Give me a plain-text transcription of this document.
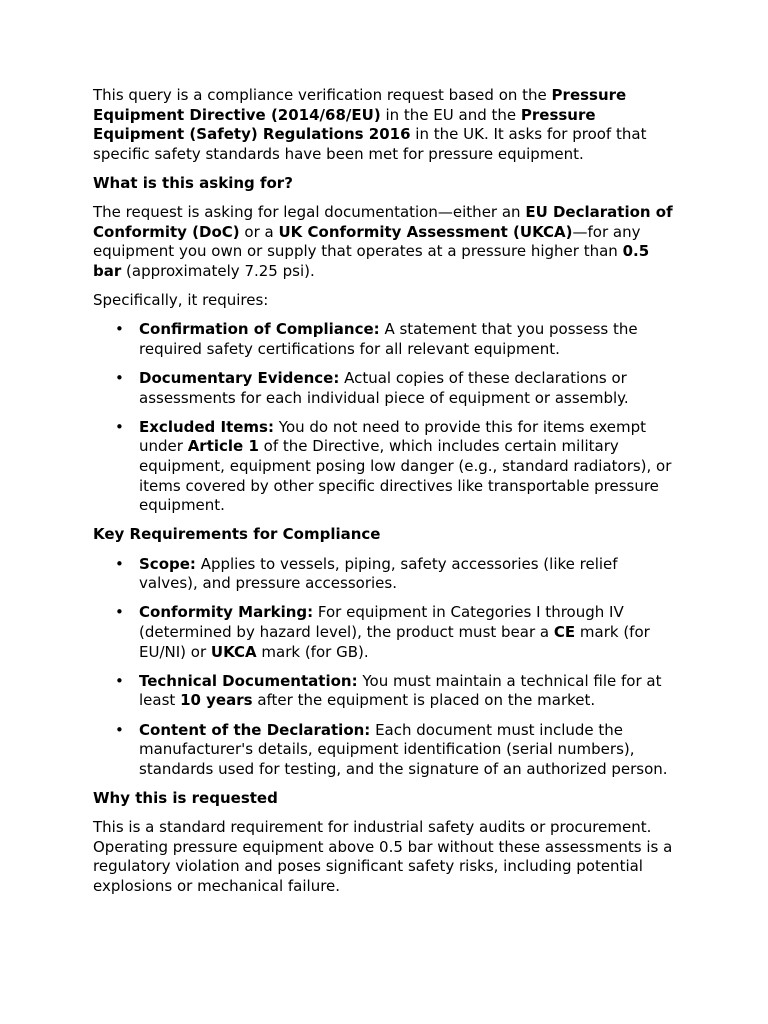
This query is a compliance verification request based on the Pressure Equipment Directive (2014/68/EU) in the EU and the Pressure Equipment (Safety) Regulations 2016 in the UK. It asks for proof that specific safety standards have been met for pressure equipment.

What is this asking for?

The request is asking for legal documentation—either an EU Declaration of Conformity (DoC) or a UK Conformity Assessment (UKCA)—for any equipment you own or supply that operates at a pressure higher than 0.5 bar (approximately 7.25 psi).

Specifically, it requires:

• Confirmation of Compliance: A statement that you possess the required safety certifications for all relevant equipment.
• Documentary Evidence: Actual copies of these declarations or assessments for each individual piece of equipment or assembly.
• Excluded Items: You do not need to provide this for items exempt under Article 1 of the Directive, which includes certain military equipment, equipment posing low danger (e.g., standard radiators), or items covered by other specific directives like transportable pressure equipment.

Key Requirements for Compliance

• Scope: Applies to vessels, piping, safety accessories (like relief valves), and pressure accessories.
• Conformity Marking: For equipment in Categories I through IV (determined by hazard level), the product must bear a CE mark (for EU/NI) or UKCA mark (for GB).
• Technical Documentation: You must maintain a technical file for at least 10 years after the equipment is placed on the market.
• Content of the Declaration: Each document must include the manufacturer's details, equipment identification (serial numbers), standards used for testing, and the signature of an authorized person.

Why this is requested

This is a standard requirement for industrial safety audits or procurement. Operating pressure equipment above 0.5 bar without these assessments is a regulatory violation and poses significant safety risks, including potential explosions or mechanical failure.
